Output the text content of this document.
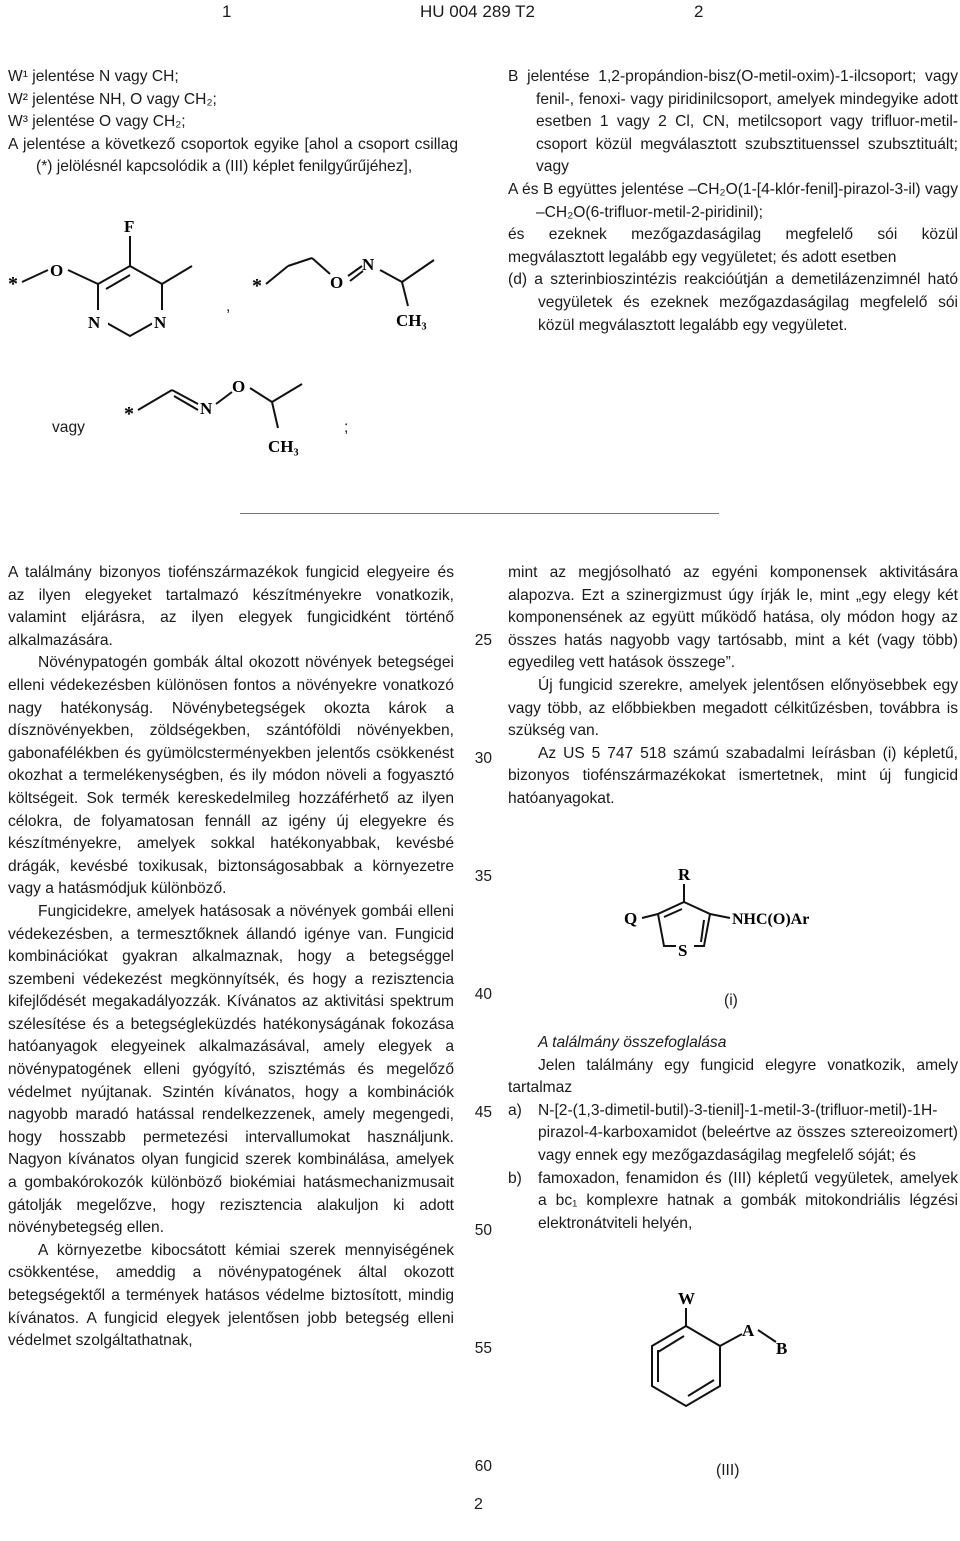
1	HU 004 289 T2	2

W¹ jelentése N vagy CH;

W² jelentése NH, O vagy CH₂;

W³ jelentése O vagy CH₂;

A jelentése a következő csoportok egyike [ahol a csoport csillag (*) jelölésnél kapcsolódik a (III) képlet fenilgyűrűjéhez],

*
O
F
N	N
,
*	O
N
CH₃
vagy
*	N
O
CH₃
;

B jelentése 1,2-propándion-bisz(O-metil-oxim)-1-ilcsoport; vagy fenil-, fenoxi- vagy piridinilcsoport, amelyek mindegyike adott esetben 1 vagy 2 Cl, CN, metilcsoport vagy trifluor-metil-csoport közül megválasztott szubsztituenssel szubsztituált; vagy

A és B együttes jelentése –CH₂O(1-[4-klór-fenil]-pirazol-3-il) vagy –CH₂O(6-trifluor-metil-2-piridinil);

és ezeknek mezőgazdaságilag megfelelő sói közül megválasztott legalább egy vegyületet; és adott esetben

(d) a szterinbioszintézis reakcióútján a demetilázenzimnél ható vegyületek és ezeknek mezőgazdaságilag megfelelő sói közül megválasztott legalább egy vegyületet.

A találmány bizonyos tiofénszármazékok fungicid elegyeire és az ilyen elegyeket tartalmazó készítményekre vonatkozik, valamint eljárásra, az ilyen elegyek fungicidként történő alkalmazására.

Növénypatogén gombák által okozott növények betegségei elleni védekezésben különösen fontos a növényekre vonatkozó nagy hatékonyság. Növénybetegségek okozta károk a dísznövényekben, zöldségekben, szántóföldi növényekben, gabonafélékben és gyümölcsterményekben jelentős csökkenést okozhat a termelékenységben, és ily módon növeli a fogyasztó költségeit. Sok termék kereskedelmileg hozzáférhető az ilyen célokra, de folyamatosan fennáll az igény új elegyekre és készítményekre, amelyek sokkal hatékonyabbak, kevésbé drágák, kevésbé toxikusak, biztonságosabbak a környezetre vagy a hatásmódjuk különböző.

Fungicidekre, amelyek hatásosak a növények gombái elleni védekezésben, a termesztőknek állandó igénye van. Fungicid kombinációkat gyakran alkalmaznak, hogy a betegséggel szembeni védekezést megkönnyítsék, és hogy a rezisztencia kifejlődését megakadályozzák. Kívánatos az aktivitási spektrum szélesítése és a betegségleküzdés hatékonyságának fokozása hatóanyagok elegyeinek alkalmazásával, amely elegyek a növénypatogének elleni gyógyító, szisztémás és megelőző védelmet nyújtanak. Szintén kívánatos, hogy a kombinációk nagyobb maradó hatással rendelkezzenek, amely megengedi, hogy hosszabb permetezési intervallumokat használjunk. Nagyon kívánatos olyan fungicid szerek kombinálása, amelyek a gombakórokozók különböző biokémiai hatásmechanizmusait gátolják megelőzve, hogy rezisztencia alakuljon ki adott növénybetegség ellen.

A környezetbe kibocsátott kémiai szerek mennyiségének csökkentése, ameddig a növénypatogének által okozott betegségektől a termények hatásos védelme biztosított, mindig kívánatos. A fungicid elegyek jelentősen jobb betegség elleni védelmet szolgáltathatnak,

25
30
35
40
45
50
55
60

mint az megjósolható az egyéni komponensek aktivitására alapozva. Ezt a szinergizmust úgy írják le, mint „egy elegy két komponensének az együtt működő hatása, oly módon hogy az összes hatás nagyobb vagy tartósabb, mint a két (vagy több) egyedileg vett hatások összege”.

Új fungicid szerekre, amelyek jelentősen előnyösebbek egy vagy több, az előbbiekben megadott célkitűzésben, továbbra is szükség van.

Az US 5 747 518 számú szabadalmi leírásban (i) képletű, bizonyos tiofénszármazékokat ismertetnek, mint új fungicid hatóanyagokat.

R
S
Q	NHC(O)Ar
(i)

A találmány összefoglalása

Jelen találmány egy fungicid elegyre vonatkozik, amely tartalmaz

a)	N-[2-(1,3-dimetil-butil)-3-tienil]-1-metil-3-(trifluor-metil)-1H-pirazol-4-karboxamidot (beleértve az összes sztereoizomert) vagy ennek egy mezőgazdaságilag megfelelő sóját; és
b)	famoxadon, fenamidon és (III) képletű vegyületek, amelyek a bc₁ komplexre hatnak a gombák mitokondriális légzési elektronátviteli helyén,
W
A
B
(III)
2
